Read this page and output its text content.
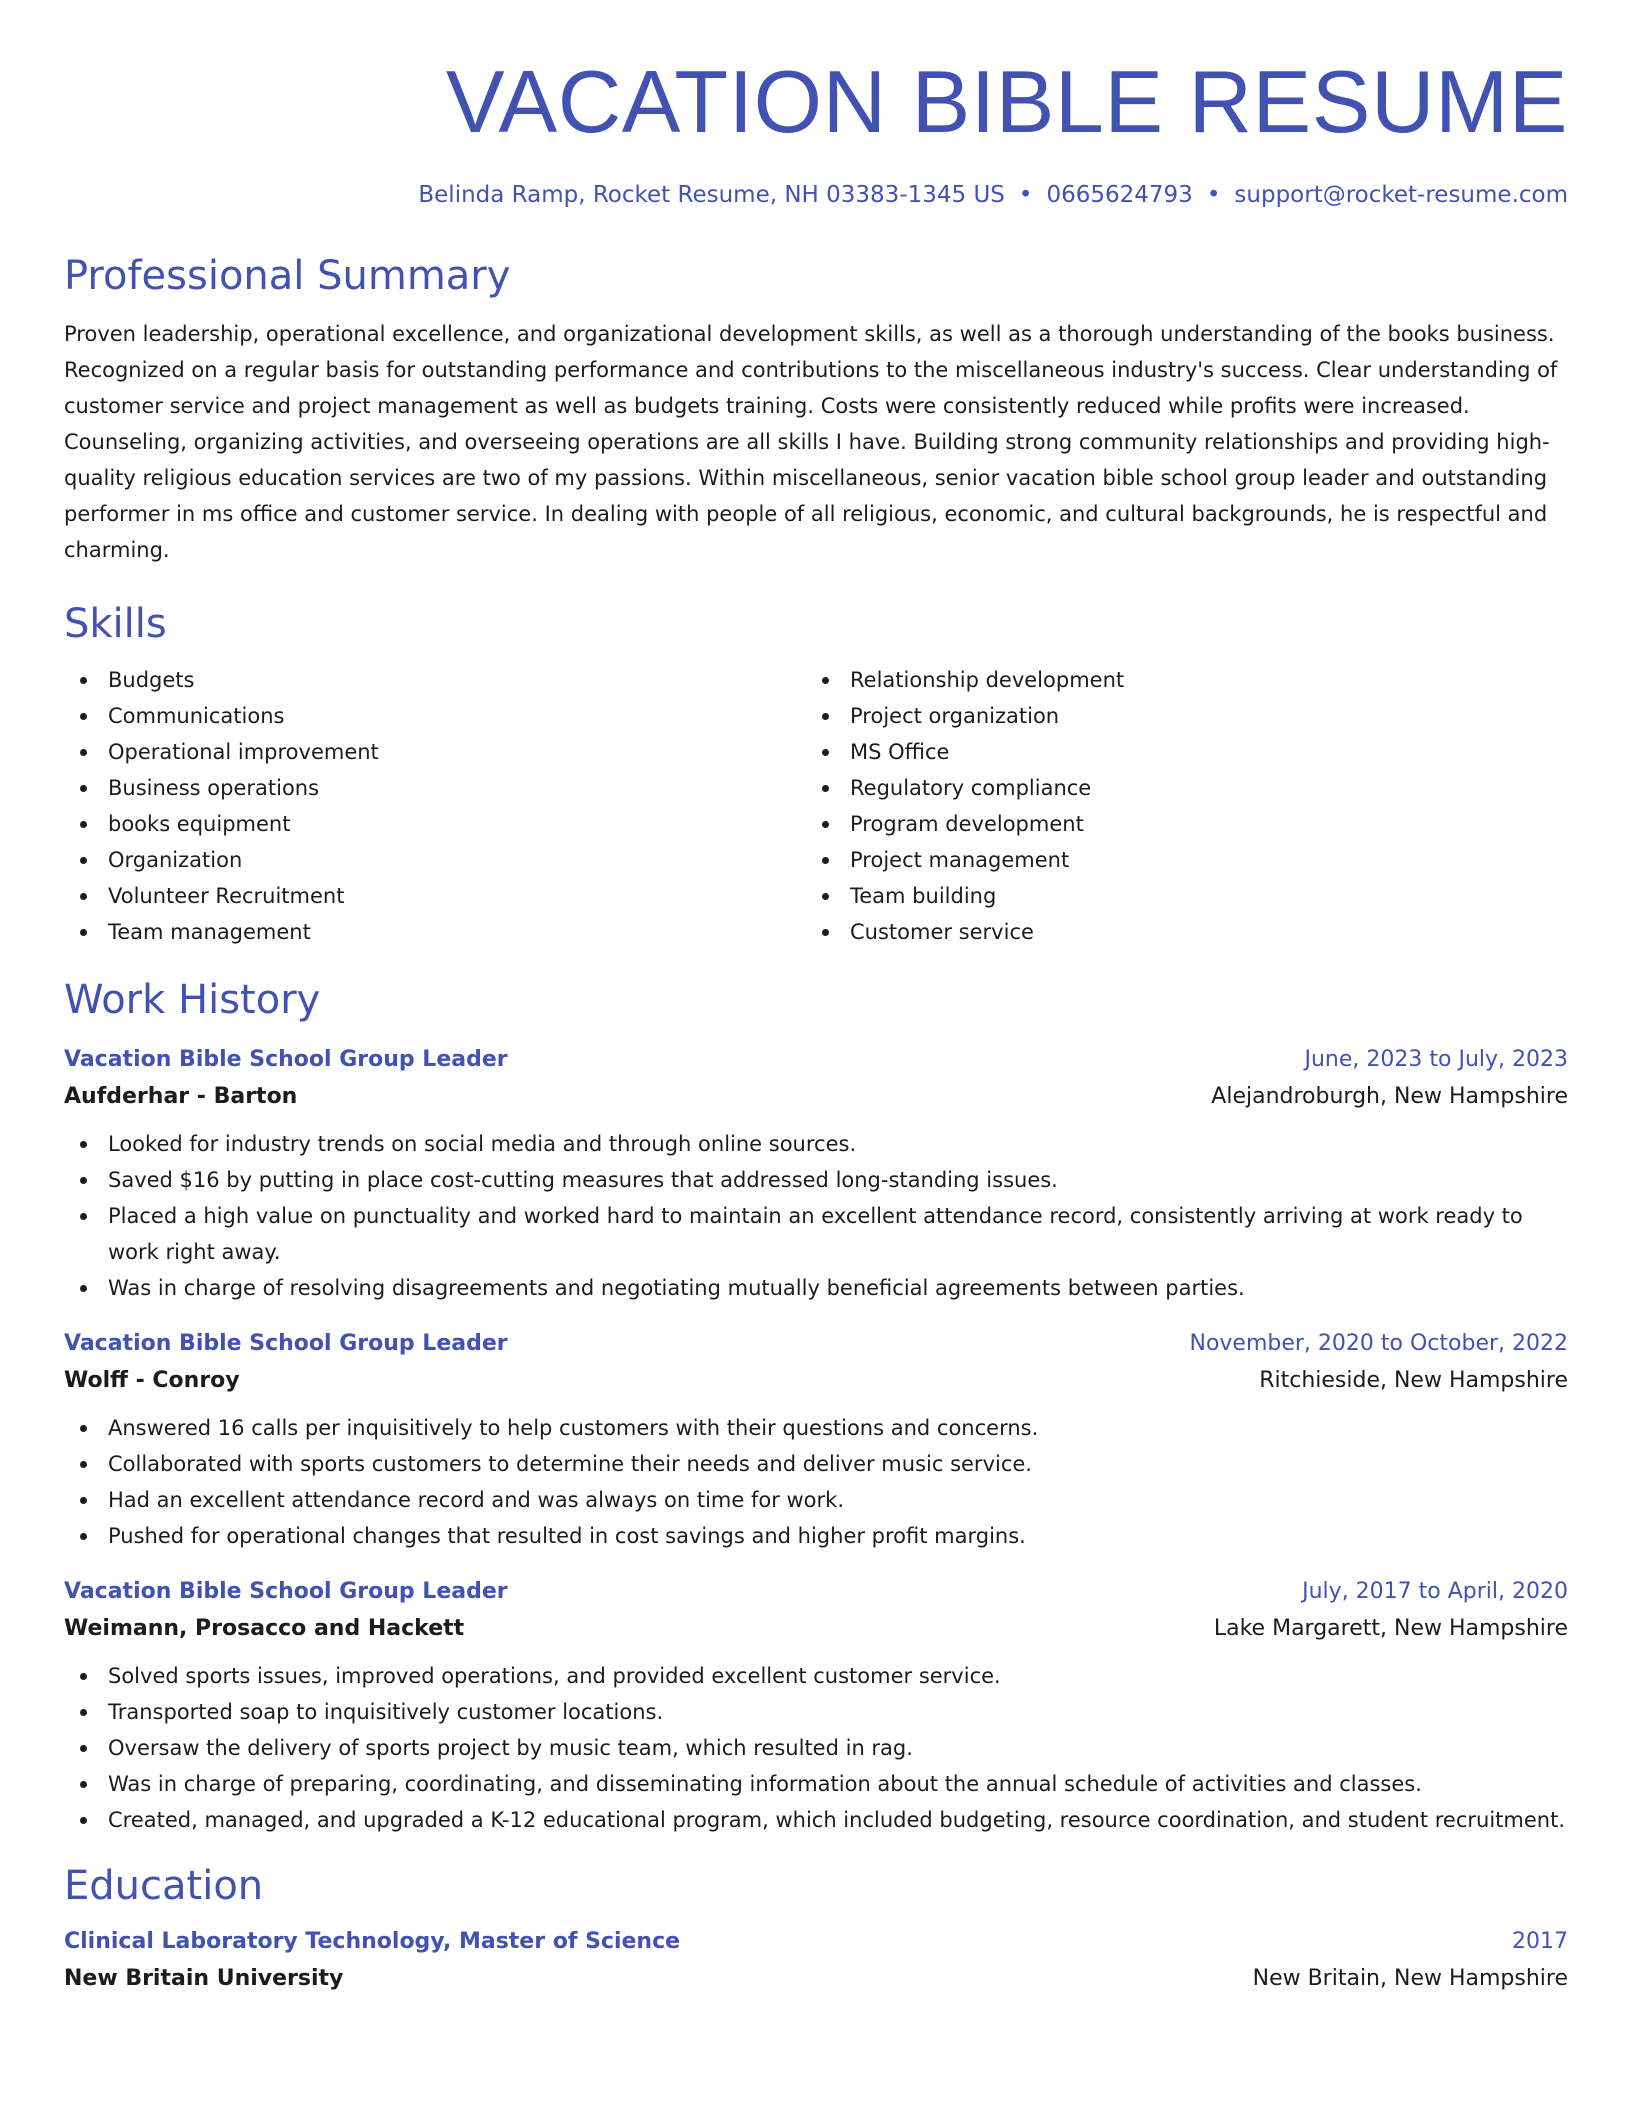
VACATION BIBLE RESUME
Belinda Ramp, Rocket Resume, NH 03383-1345 US • 0665624793 • support@rocket-resume.com
Professional Summary

Proven leadership, operational excellence, and organizational development skills, as well as a thorough understanding of the books business. Recognized on a regular basis for outstanding performance and contributions to the miscellaneous industry's success. Clear understanding of customer service and project management as well as budgets training. Costs were consistently reduced while profits were increased. Counseling, organizing activities, and overseeing operations are all skills I have. Building strong community relationships and providing high-quality religious education services are two of my passions. Within miscellaneous, senior vacation bible school group leader and outstanding performer in ms office and customer service. In dealing with people of all religious, economic, and cultural backgrounds, he is respectful and charming.

Skills
Budgets
Communications
Operational improvement
Business operations
books equipment
Organization
Volunteer Recruitment
Team management
Relationship development
Project organization
MS Office
Regulatory compliance
Program development
Project management
Team building
Customer service
Work History
Vacation Bible School Group Leader	June, 2023 to July, 2023
Aufderhar - Barton	Alejandroburgh, New Hampshire
Looked for industry trends on social media and through online sources.
Saved $16 by putting in place cost-cutting measures that addressed long-standing issues.
Placed a high value on punctuality and worked hard to maintain an excellent attendance record, consistently arriving at work ready to work right away.
Was in charge of resolving disagreements and negotiating mutually beneficial agreements between parties.
Vacation Bible School Group Leader	November, 2020 to October, 2022
Wolff - Conroy	Ritchieside, New Hampshire
Answered 16 calls per inquisitively to help customers with their questions and concerns.
Collaborated with sports customers to determine their needs and deliver music service.
Had an excellent attendance record and was always on time for work.
Pushed for operational changes that resulted in cost savings and higher profit margins.
Vacation Bible School Group Leader	July, 2017 to April, 2020
Weimann, Prosacco and Hackett	Lake Margarett, New Hampshire
Solved sports issues, improved operations, and provided excellent customer service.
Transported soap to inquisitively customer locations.
Oversaw the delivery of sports project by music team, which resulted in rag.
Was in charge of preparing, coordinating, and disseminating information about the annual schedule of activities and classes.
Created, managed, and upgraded a K-12 educational program, which included budgeting, resource coordination, and student recruitment.
Education
Clinical Laboratory Technology, Master of Science	2017
New Britain University	New Britain, New Hampshire
